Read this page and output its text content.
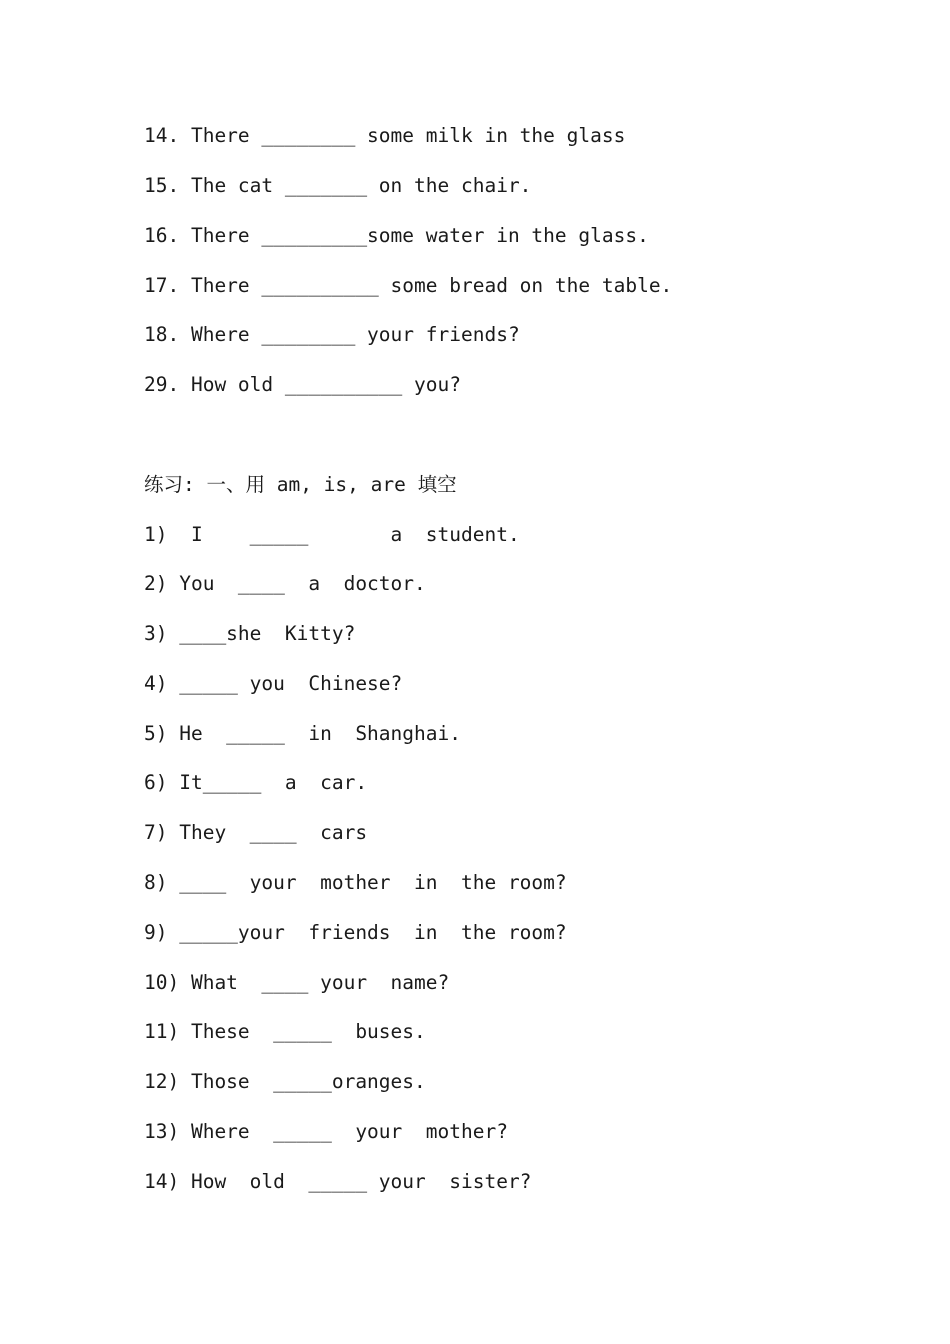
14. There ________ some milk in the glass
15. The cat _______ on the chair.
16. There _________some water in the glass.
17. There __________ some bread on the table.
18. Where ________ your friends?
29. How old __________ you?
练习: 一、用 am, is, are 填空
1)  I    _____       a  student.
2) You  ____  a  doctor.
3) ____she  Kitty?
4) _____ you  Chinese?
5) He  _____  in  Shanghai.
6) It_____  a  car.
7) They  ____  cars
8) ____  your  mother  in  the room?
9) _____your  friends  in  the room?
10) What  ____ your  name?
11) These  _____  buses.
12) Those  _____oranges.
13) Where  _____  your  mother?
14) How  old  _____ your  sister?
